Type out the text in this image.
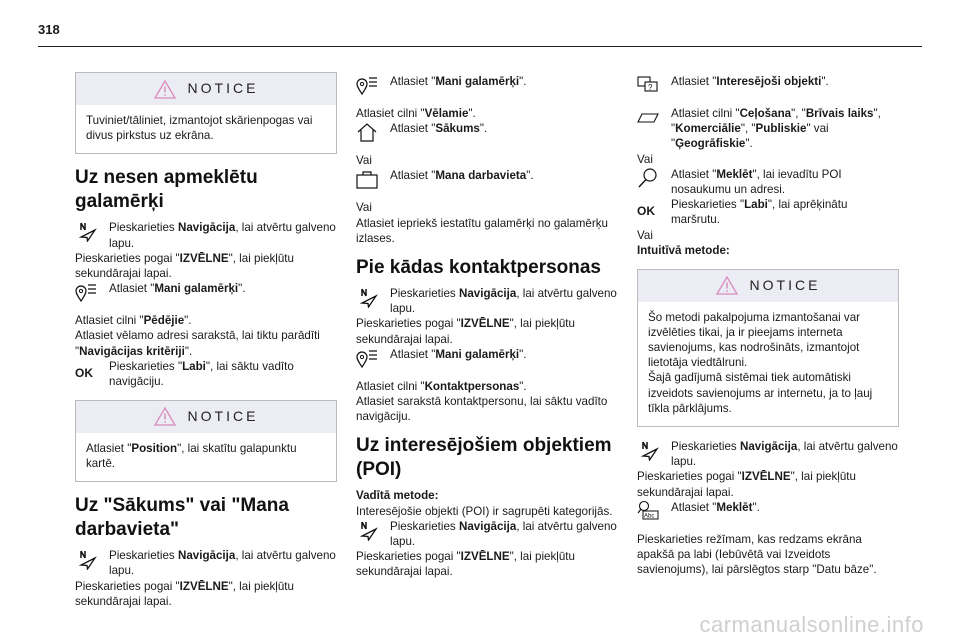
318
NOTICE
Tuviniet/tāliniet, izmantojot skārienpogas vai divus pirkstus uz ekrāna.
Uz nesen apmeklētu galamērķi
Pieskarieties Navigācija, lai atvērtu galveno lapu.

Pieskarieties pogai "IZVĒLNE", lai piekļūtu sekundārajai lapai.

Atlasiet "Mani galamērķi".

Atlasiet cilni "Pēdējie".

Atlasiet vēlamo adresi sarakstā, lai tiktu parādīti "Navigācijas kritēriji".

OK	Pieskarieties "Labi", lai sāktu vadīto navigāciju.
NOTICE
Atlasiet "Position", lai skatītu galapunktu kartē.
Uz "Sākums" vai "Mana darbavieta"
Pieskarieties Navigācija, lai atvērtu galveno lapu.

Pieskarieties pogai "IZVĒLNE", lai piekļūtu sekundārajai lapai.

Atlasiet "Mani galamērķi".

Atlasiet cilni "Vēlamie".

Atlasiet "Sākums".

Vai

Atlasiet "Mana darbavieta".

Vai

Atlasiet iepriekš iestatītu galamērķi no galamērķu izlases.

Pie kādas kontaktpersonas
Pieskarieties Navigācija, lai atvērtu galveno lapu.

Pieskarieties pogai "IZVĒLNE", lai piekļūtu sekundārajai lapai.

Atlasiet "Mani galamērķi".

Atlasiet cilni "Kontaktpersonas".

Atlasiet sarakstā kontaktpersonu, lai sāktu vadīto navigāciju.

Uz interesējošiem objektiem (POI)

Vadītā metode:

Interesējošie objekti (POI) ir sagrupēti kategorijās.

Pieskarieties Navigācija, lai atvērtu galveno lapu.

Pieskarieties pogai "IZVĒLNE", lai piekļūtu sekundārajai lapai.

? Atlasiet "Interesējoši objekti".
Atlasiet cilni "Ceļošana", "Brīvais laiks", "Komerciālie", "Publiskie" vai "Ģeogrāfiskie".

Vai

Atlasiet "Meklēt", lai ievadītu POI nosaukumu un adresi.
OK	Pieskarieties "Labi", lai aprēķinātu maršrutu.

Vai

Intuitīvā metode:

NOTICE
Šo metodi pakalpojuma izmantošanai var izvēlēties tikai, ja ir pieejams interneta savienojums, kas nodrošināts, izmantojot lietotāja viedtālruni.
Šajā gadījumā sistēmai tiek automātiski izveidots savienojums ar internetu, ja to ļauj tīkla pārklājums.
Pieskarieties Navigācija, lai atvērtu galveno lapu.

Pieskarieties pogai "IZVĒLNE", lai piekļūtu sekundārajai lapai.

Abc
Atlasiet "Meklēt".

Pieskarieties režīmam, kas redzams ekrāna apakšā pa labi (Iebūvētā vai Izveidots savienojums), lai pārslēgtos starp "Datu bāze".

carmanualsonline.info
